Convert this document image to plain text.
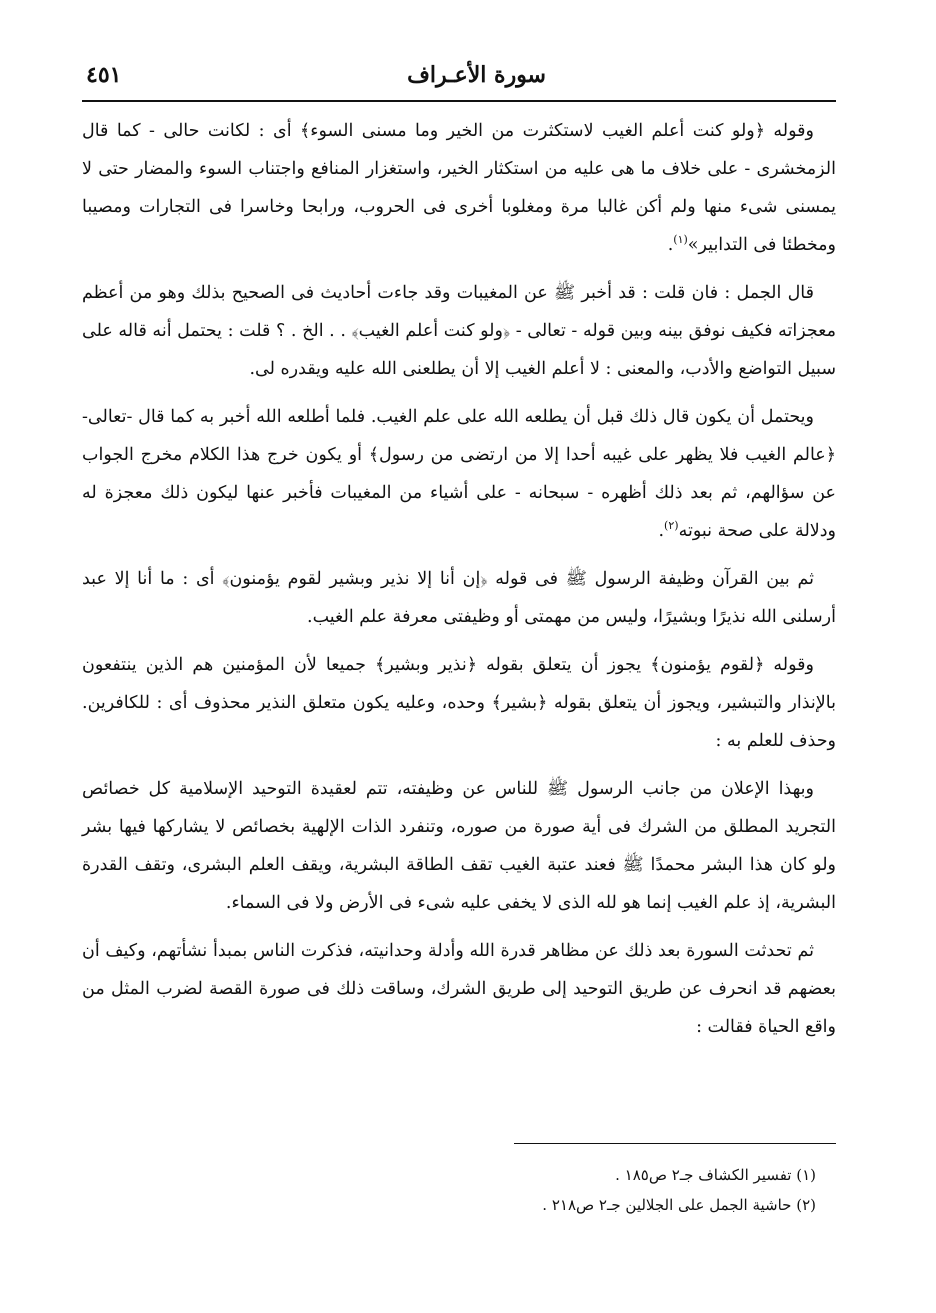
سورة الأعـراف
٤٥١

وقوله ﴿ولو كنت أعلم الغيب لاستكثرت من الخير وما مسنى السوء﴾ أى : لكانت حالى - كما قال الزمخشرى - على خلاف ما هى عليه من استكثار الخير، واستغزار المنافع واجتناب السوء والمضار حتى لا يمسنى شىء منها ولم أكن غالبا مرة ومغلوبا أخرى فى الحروب، ورابحا وخاسرا فى التجارات ومصيبا ومخطئا فى التدابير»$^{(١)}$.

قال الجمل : فان قلت : قد أخبر ﷺ عن المغيبات وقد جاءت أحاديث فى الصحيح بذلك وهو من أعظم معجزاته فكيف نوفق بينه وبين قوله - تعالى - ﴿ولو كنت أعلم الغيب﴾ . . الخ . ؟ قلت : يحتمل أنه قاله على سبيل التواضع والأدب، والمعنى : لا أعلم الغيب إلا أن يطلعنى الله عليه ويقدره لى.

ويحتمل أن يكون قال ذلك قبل أن يطلعه الله على علم الغيب. فلما أطلعه الله أخبر به كما قال -تعالى- ﴿عالم الغيب فلا يظهر على غيبه أحدا إلا من ارتضى من رسول﴾ أو يكون خرج هذا الكلام مخرج الجواب عن سؤالهم، ثم بعد ذلك أظهره - سبحانه - على أشياء من المغيبات فأخبر عنها ليكون ذلك معجزة له ودلالة على صحة نبوته$^{(٢)}$.

ثم بين القرآن وظيفة الرسول ﷺ فى قوله ﴿إن أنا إلا نذير وبشير لقوم يؤمنون﴾ أى : ما أنا إلا عبد أرسلنى الله نذيرًا وبشيرًا، وليس من مهمتى أو وظيفتى معرفة علم الغيب.

وقوله ﴿لقوم يؤمنون﴾ يجوز أن يتعلق بقوله ﴿نذير وبشير﴾ جميعا لأن المؤمنين هم الذين ينتفعون بالإنذار والتبشير، ويجوز أن يتعلق بقوله ﴿بشير﴾ وحده، وعليه يكون متعلق النذير محذوف أى : للكافرين. وحذف للعلم به :

وبهذا الإعلان من جانب الرسول ﷺ للناس عن وظيفته، تتم لعقيدة التوحيد الإسلامية كل خصائص التجريد المطلق من الشرك فى أية صورة من صوره، وتنفرد الذات الإلهية بخصائص لا يشاركها فيها بشر ولو كان هذا البشر محمدًا ﷺ فعند عتبة الغيب تقف الطاقة البشرية، ويقف العلم البشرى، وتقف القدرة البشرية، إذ علم الغيب إنما هو لله الذى لا يخفى عليه شىء فى الأرض ولا فى السماء.

ثم تحدثت السورة بعد ذلك عن مظاهر قدرة الله وأدلة وحدانيته، فذكرت الناس بمبدأ نشأتهم، وكيف أن بعضهم قد انحرف عن طريق التوحيد إلى طريق الشرك، وساقت ذلك فى صورة القصة لضرب المثل من واقع الحياة فقالت :

(١) تفسير الكشاف جـ٢ ص١٨٥ .

(٢) حاشية الجمل على الجلالين جـ٢ ص٢١٨ .
